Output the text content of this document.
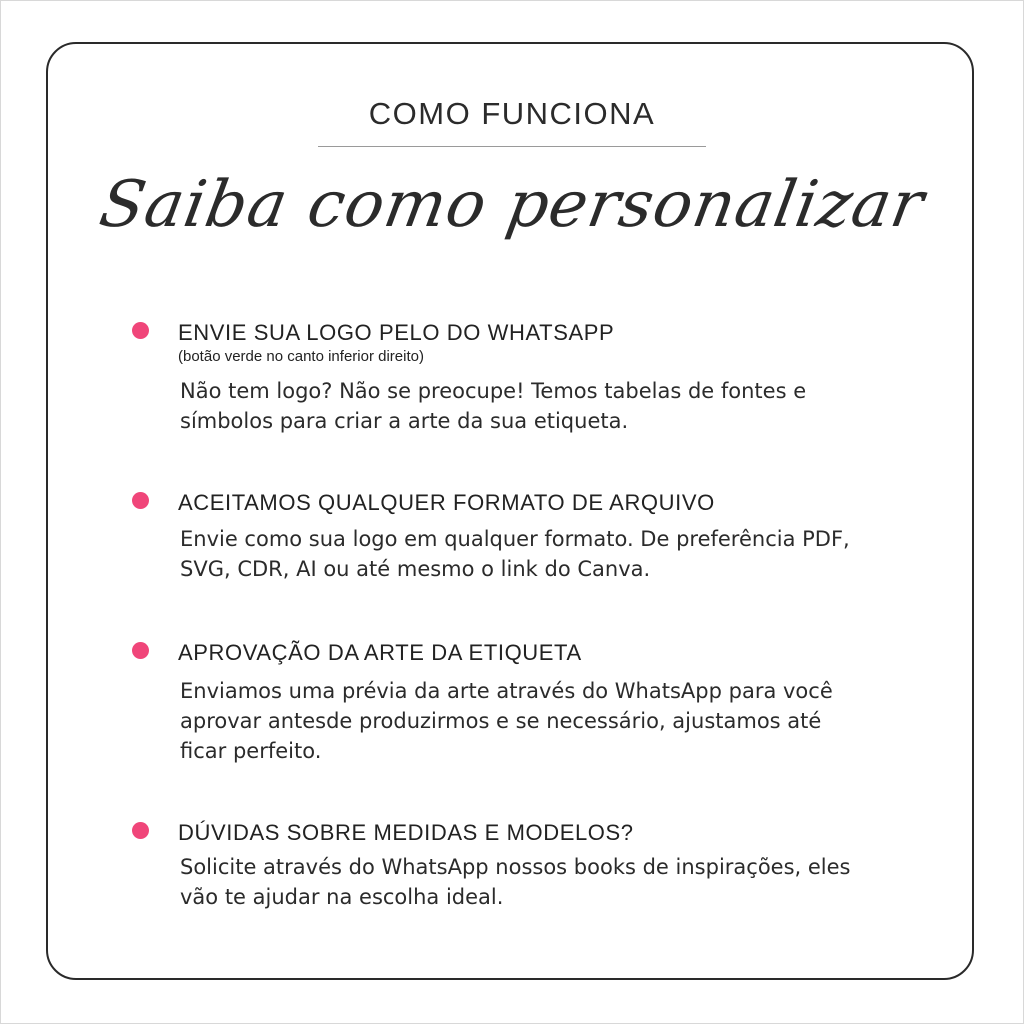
COMO FUNCIONA
Saiba como personalizar
ENVIE SUA LOGO PELO DO WHATSAPP
(botão verde no canto inferior direito)
Não tem logo? Não se preocupe! Temos tabelas de fontes e
símbolos para criar a arte da sua etiqueta.
ACEITAMOS QUALQUER FORMATO DE ARQUIVO
Envie como sua logo em qualquer formato. De preferência PDF,
SVG, CDR, AI ou até mesmo o link do Canva.
APROVAÇÃO DA ARTE DA ETIQUETA
Enviamos uma prévia da arte através do WhatsApp para você
aprovar antesde produzirmos e se necessário, ajustamos até
ficar perfeito.
DÚVIDAS SOBRE MEDIDAS E MODELOS?
Solicite através do WhatsApp nossos books de inspirações, eles
vão te ajudar na escolha ideal.
